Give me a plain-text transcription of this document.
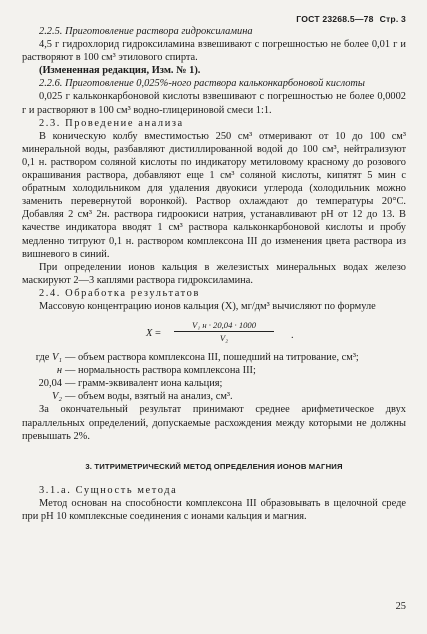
ГОСТ 23268.5—78 Стр. 3

2.2.5. Приготовление раствора гидроксиламина

4,5 г гидрохлорид гидроксиламина взвешивают с погрешностью не более 0,01 г и растворяют в 100 см³ этилового спирта.

(Измененная редакция, Изм. № 1).

2.2.6. Приготовление 0,025%-ного раствора кальконкарбоновой кислоты

0,025 г кальконкарбоновой кислоты взвешивают с погрешностью не более 0,0002 г и растворяют в 100 см³ водно-глицериновой смеси 1:1.

2.3. Проведение анализа

В коническую колбу вместимостью 250 см³ отмеривают от 10 до 100 см³ минеральной воды, разбавляют дистиллированной водой до 100 см³, нейтрализуют 0,1 н. раствором соляной кислоты по индикатору метиловому красному до розового окрашивания раствора, добавляют еще 1 см³ соляной кислоты, кипятят 5 мин с обратным холодильником для удаления двуокиси углерода (холодильник можно заменить перевернутой воронкой). Раствор охлаждают до температуры 20°С. Добавляя 2 см³ 2н. раствора гидроокиси натрия, устанавливают pH от 12 до 13. В качестве индикатора вводят 1 см³ раствора кальконкарбоновой кислоты и пробу медленно титруют 0,1 н. раствором комплексона III до изменения цвета раствора из вишневого в синий.

При определении ионов кальция в железистых минеральных водах железо маскируют 2—3 каплями раствора гидроксиламина.

2.4. Обработка результатов

Массовую концентрацию ионов кальция (X), мг/дм³ вычисляют по формуле

X =
V₁ н · 20,04 · 1000
V₂	.
где V₁ — объем раствора комплексона III, пошедший на титрование, см³;
н — нормальность раствора комплексона III;
20,04 — грамм-эквивалент иона кальция;
V₂ — объем воды, взятый на анализ, см³.

За окончательный результат принимают среднее арифметическое двух параллельных определений, допускаемые расхождения между которыми не должны превышать 2%.

3. ТИТРИМЕТРИЧЕСКИЙ МЕТОД ОПРЕДЕЛЕНИЯ ИОНОВ МАГНИЯ

3.1.а. Сущность метода

Метод основан на способности комплексона III образовывать в щелочной среде при pH 10 комплексные соединения с ионами кальция и магния.

25
